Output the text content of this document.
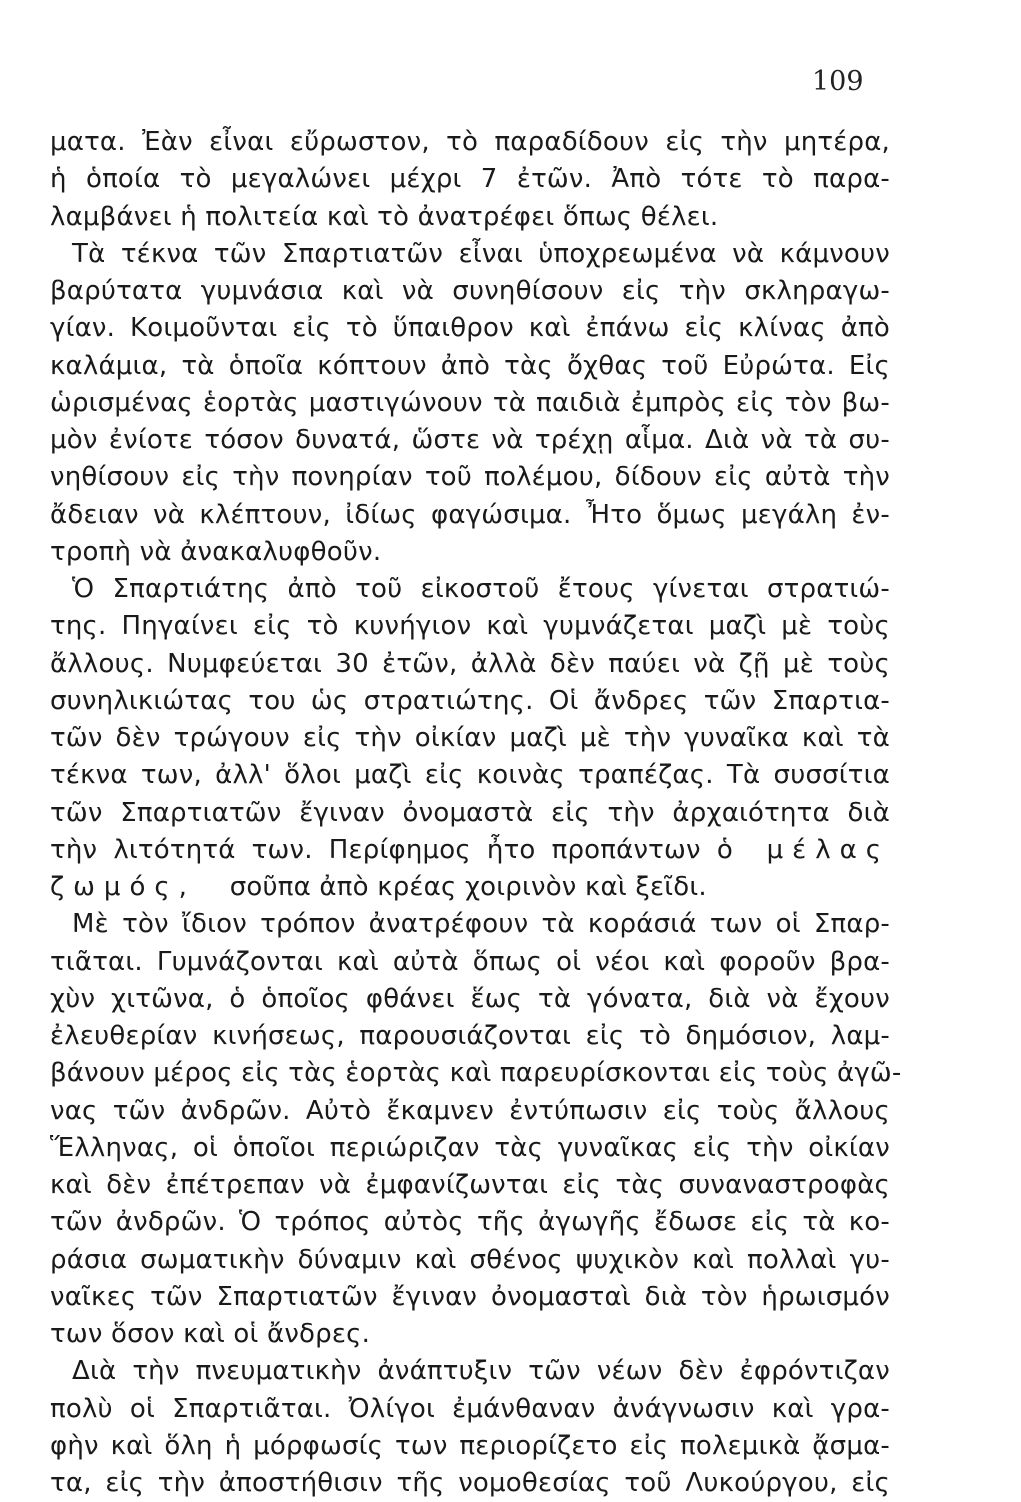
109
ματα. Ἐὰν εἶναι εὔρωστον, τὸ παραδίδουν εἰς τὴν μητέρα,
ἡ ὁποία τὸ μεγαλώνει μέχρι 7 ἐτῶν. Ἀπὸ τότε τὸ παρα-
λαμβάνει ἡ πολιτεία καὶ τὸ ἀνατρέφει ὅπως θέλει.
Τὰ τέκνα τῶν Σπαρτιατῶν εἶναι ὑποχρεωμένα νὰ κάμνουν
βαρύτατα γυμνάσια καὶ νὰ συνηθίσουν εἰς τὴν σκληραγω-
γίαν. Κοιμοῦνται εἰς τὸ ὕπαιθρον καὶ ἐπάνω εἰς κλίνας ἀπὸ
καλάμια, τὰ ὁποῖα κόπτουν ἀπὸ τὰς ὄχθας τοῦ Εὐρώτα. Εἰς
ὡρισμένας ἑορτὰς μαστιγώνουν τὰ παιδιὰ ἐμπρὸς εἰς τὸν βω-
μὸν ἐνίοτε τόσον δυνατά, ὥστε νὰ τρέχῃ αἷμα. Διὰ νὰ τὰ συ-
νηθίσουν εἰς τὴν πονηρίαν τοῦ πολέμου, δίδουν εἰς αὐτὰ τὴν
ἄδειαν νὰ κλέπτουν, ἰδίως φαγώσιμα. Ἦτο ὅμως μεγάλη ἐν-
τροπὴ νὰ ἀνακαλυφθοῦν.
Ὁ Σπαρτιάτης ἀπὸ τοῦ εἰκοστοῦ ἔτους γίνεται στρατιώ-
της. Πηγαίνει εἰς τὸ κυνήγιον καὶ γυμνάζεται μαζὶ μὲ τοὺς
ἄλλους. Νυμφεύεται 30 ἐτῶν, ἀλλὰ δὲν παύει νὰ ζῇ μὲ τοὺς
συνηλικιώτας του ὡς στρατιώτης. Οἱ ἄνδρες τῶν Σπαρτια-
τῶν δὲν τρώγουν εἰς τὴν οἰκίαν μαζὶ μὲ τὴν γυναῖκα καὶ τὰ
τέκνα των, ἀλλ' ὅλοι μαζὶ εἰς κοινὰς τραπέζας. Τὰ συσσίτια
τῶν Σπαρτιατῶν ἔγιναν ὀνομαστὰ εἰς τὴν ἀρχαιότητα διὰ
τὴν λιτότητά των. Περίφημος ἦτο προπάντων ὁ μέλας
ζωμός, σοῦπα ἀπὸ κρέας χοιρινὸν καὶ ξεῖδι.
Μὲ τὸν ἴδιον τρόπον ἀνατρέφουν τὰ κοράσιά των οἱ Σπαρ-
τιᾶται. Γυμνάζονται καὶ αὐτὰ ὅπως οἱ νέοι καὶ φοροῦν βρα-
χὺν χιτῶνα, ὁ ὁποῖος φθάνει ἕως τὰ γόνατα, διὰ νὰ ἔχουν
ἐλευθερίαν κινήσεως, παρουσιάζονται εἰς τὸ δημόσιον, λαμ-
βάνουν μέρος εἰς τὰς ἑορτὰς καὶ παρευρίσκονται εἰς τοὺς ἀγῶ-
νας τῶν ἀνδρῶν. Αὐτὸ ἔκαμνεν ἐντύπωσιν εἰς τοὺς ἄλλους
Ἕλληνας, οἱ ὁποῖοι περιώριζαν τὰς γυναῖκας εἰς τὴν οἰκίαν
καὶ δὲν ἐπέτρεπαν νὰ ἐμφανίζωνται εἰς τὰς συναναστροφὰς
τῶν ἀνδρῶν. Ὁ τρόπος αὐτὸς τῆς ἀγωγῆς ἔδωσε εἰς τὰ κο-
ράσια σωματικὴν δύναμιν καὶ σθένος ψυχικὸν καὶ πολλαὶ γυ-
ναῖκες τῶν Σπαρτιατῶν ἔγιναν ὀνομασταὶ διὰ τὸν ἡρωισμόν
των ὅσον καὶ οἱ ἄνδρες.
Διὰ τὴν πνευματικὴν ἀνάπτυξιν τῶν νέων δὲν ἐφρόντιζαν
πολὺ οἱ Σπαρτιᾶται. Ὀλίγοι ἐμάνθαναν ἀνάγνωσιν καὶ γρα-
φὴν καὶ ὅλη ἡ μόρφωσίς των περιορίζετο εἰς πολεμικὰ ᾄσμα-
τα, εἰς τὴν ἀποστήθισιν τῆς νομοθεσίας τοῦ Λυκούργου, εἰς
